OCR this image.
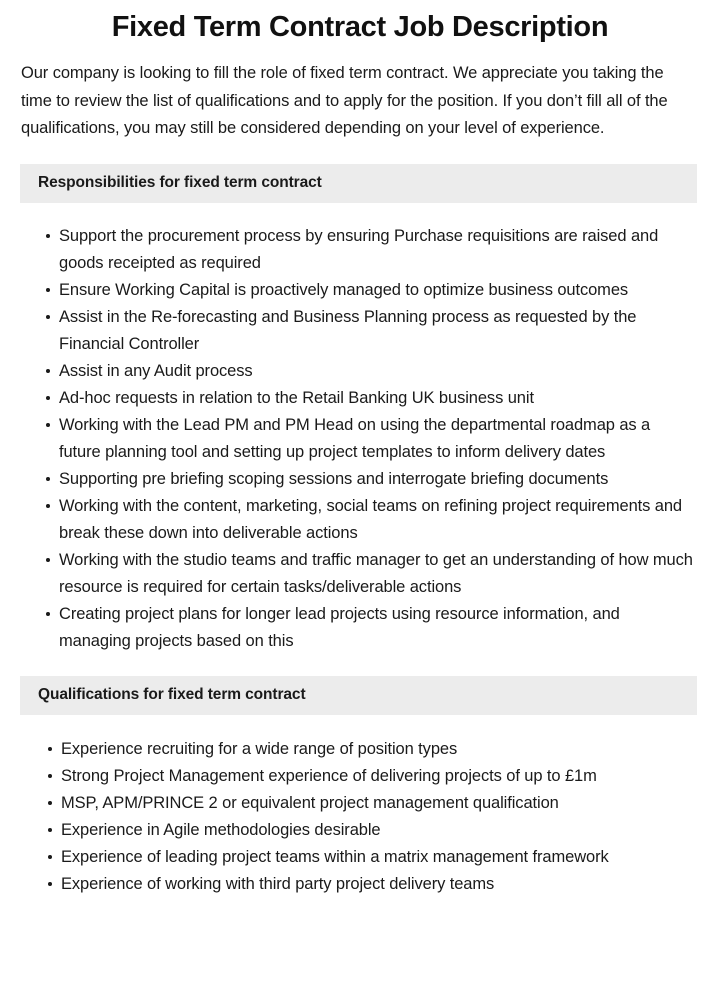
Fixed Term Contract Job Description

Our company is looking to fill the role of fixed term contract. We appreciate you taking the time to review the list of qualifications and to apply for the position. If you don’t fill all of the qualifications, you may still be considered depending on your level of experience.

Responsibilities for fixed term contract
Support the procurement process by ensuring Purchase requisitions are raised and goods receipted as required
Ensure Working Capital is proactively managed to optimize business outcomes
Assist in the Re-forecasting and Business Planning process as requested by the Financial Controller
Assist in any Audit process
Ad-hoc requests in relation to the Retail Banking UK business unit
Working with the Lead PM and PM Head on using the departmental roadmap as a future planning tool and setting up project templates to inform delivery dates
Supporting pre briefing scoping sessions and interrogate briefing documents
Working with the content, marketing, social teams on refining project requirements and break these down into deliverable actions
Working with the studio teams and traffic manager to get an understanding of how much resource is required for certain tasks/deliverable actions
Creating project plans for longer lead projects using resource information, and managing projects based on this
Qualifications for fixed term contract
Experience recruiting for a wide range of position types
Strong Project Management experience of delivering projects of up to £1m
MSP, APM/PRINCE 2 or equivalent project management qualification
Experience in Agile methodologies desirable
Experience of leading project teams within a matrix management framework
Experience of working with third party project delivery teams
